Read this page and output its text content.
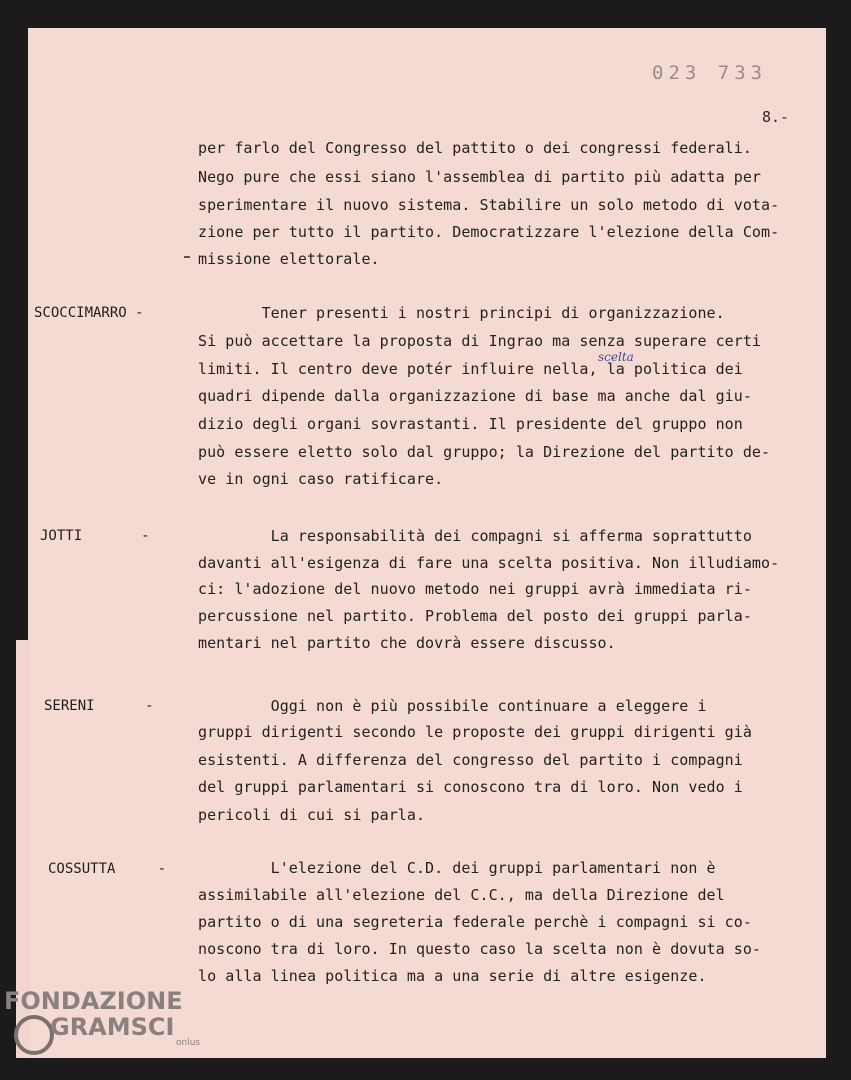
023 733
8.-
per farlo del Congresso del pattito o dei congressi federali.
Nego pure che essi siano l'assemblea di partito più adatta per
sperimentare il nuovo sistema. Stabilire un solo metodo di vota-
zione per tutto il partito. Democratizzare l'elezione della Com-
missione elettorale.
SCOCCIMARRO -	Tener presenti i nostri principi di organizzazione.
Si può accettare la proposta di Ingrao ma senza superare certi
limiti. Il centro deve potér influire nella, la politica dei
quadri dipende dalla organizzazione di base ma anche dal giu-
dizio degli organi sovrastanti. Il presidente del gruppo non
può essere eletto solo dal gruppo; la Direzione del partito de-
ve in ogni caso ratificare.
scelta
JOTTI       -	La responsabilità dei compagni si afferma soprattutto
davanti all'esigenza di fare una scelta positiva. Non illudiamo-
ci: l'adozione del nuovo metodo nei gruppi avrà immediata ri-
percussione nel partito. Problema del posto dei gruppi parla-
mentari nel partito che dovrà essere discusso.
SERENI      -	Oggi non è più possibile continuare a eleggere i
gruppi dirigenti secondo le proposte dei gruppi dirigenti già
esistenti. A differenza del congresso del partito i compagni
del gruppi parlamentari si conoscono tra di loro. Non vedo i
pericoli di cui si parla.
COSSUTTA     - L'elezione del C.D. dei gruppi parlamentari non è
assimilabile all'elezione del C.C., ma della Direzione del
partito o di una segreteria federale perchè i compagni si co-
noscono tra di loro. In questo caso la scelta non è dovuta so-
lo alla linea politica ma a una serie di altre esigenze.
FONDAZIONE
GRAMSCI
onlus
